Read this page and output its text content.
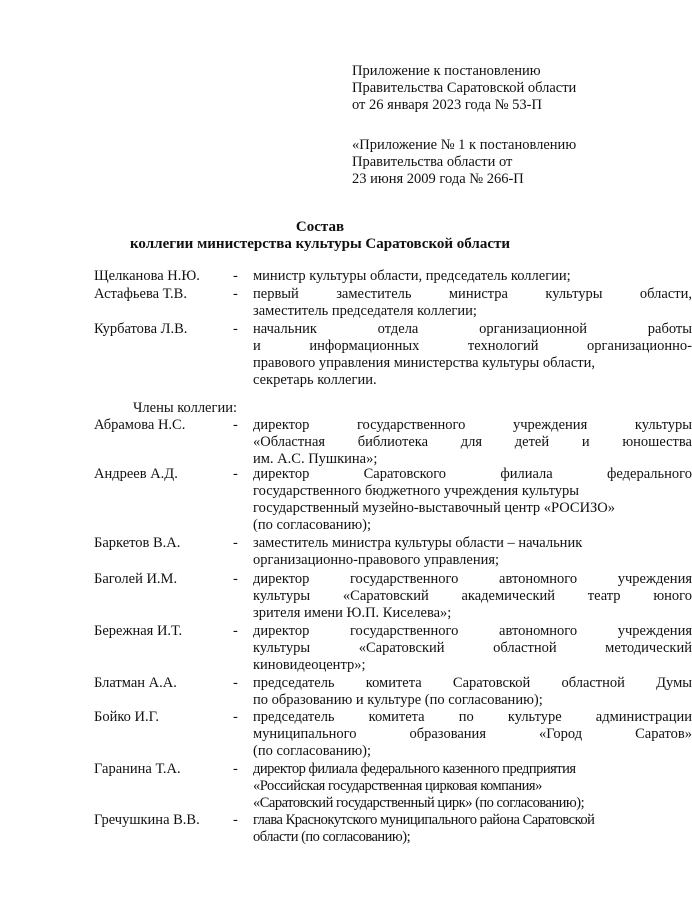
Приложение к постановлению
Правительства Саратовской области
от 26 января 2023 года № 53-П
«Приложение № 1 к постановлению
Правительства области от
23 июня 2009 года № 266-П
Состав
коллегии министерства культуры Саратовской области
Щелканова Н.Ю. - министр культуры области, председатель коллегии;
Астафьева Т.В.	- первый заместитель министра культуры области,
заместитель председателя коллегии;
Курбатова Л.В.	- начальник отдела организационной работы
и информационных технологий организационно-
правового управления министерства культуры области,
секретарь коллегии.
Члены коллегии:
Абрамова Н.С.	- директор государственного учреждения культуры
«Областная библиотека для детей и юношества
им. А.С. Пушкина»;
Андреев А.Д.	- директор Саратовского филиала федерального
государственного бюджетного учреждения культуры
государственный музейно-выставочный центр «РОСИЗО»
(по согласованию);
Баркетов В.А.	- заместитель министра культуры области – начальник
организационно-правового управления;
Баголей И.М.	- директор государственного автономного учреждения
культуры «Саратовский академический театр юного
зрителя имени Ю.П. Киселева»;
Бережная И.Т.	- директор государственного автономного учреждения
культуры «Саратовский областной методический
киновидеоцентр»;
Блатман А.А.	- председатель комитета Саратовской областной Думы
по образованию и культуре (по согласованию);
Бойко И.Г.	- председатель комитета по культуре администрации
муниципального образования «Город Саратов»
(по согласованию);
Гаранина Т.А.	- директор филиала федерального казенного предприятия
«Российская государственная цирковая компания»
«Саратовский государственный цирк» (по согласованию);
Гречушкина В.В. - глава Краснокутского муниципального района Саратовской
области (по согласованию);
